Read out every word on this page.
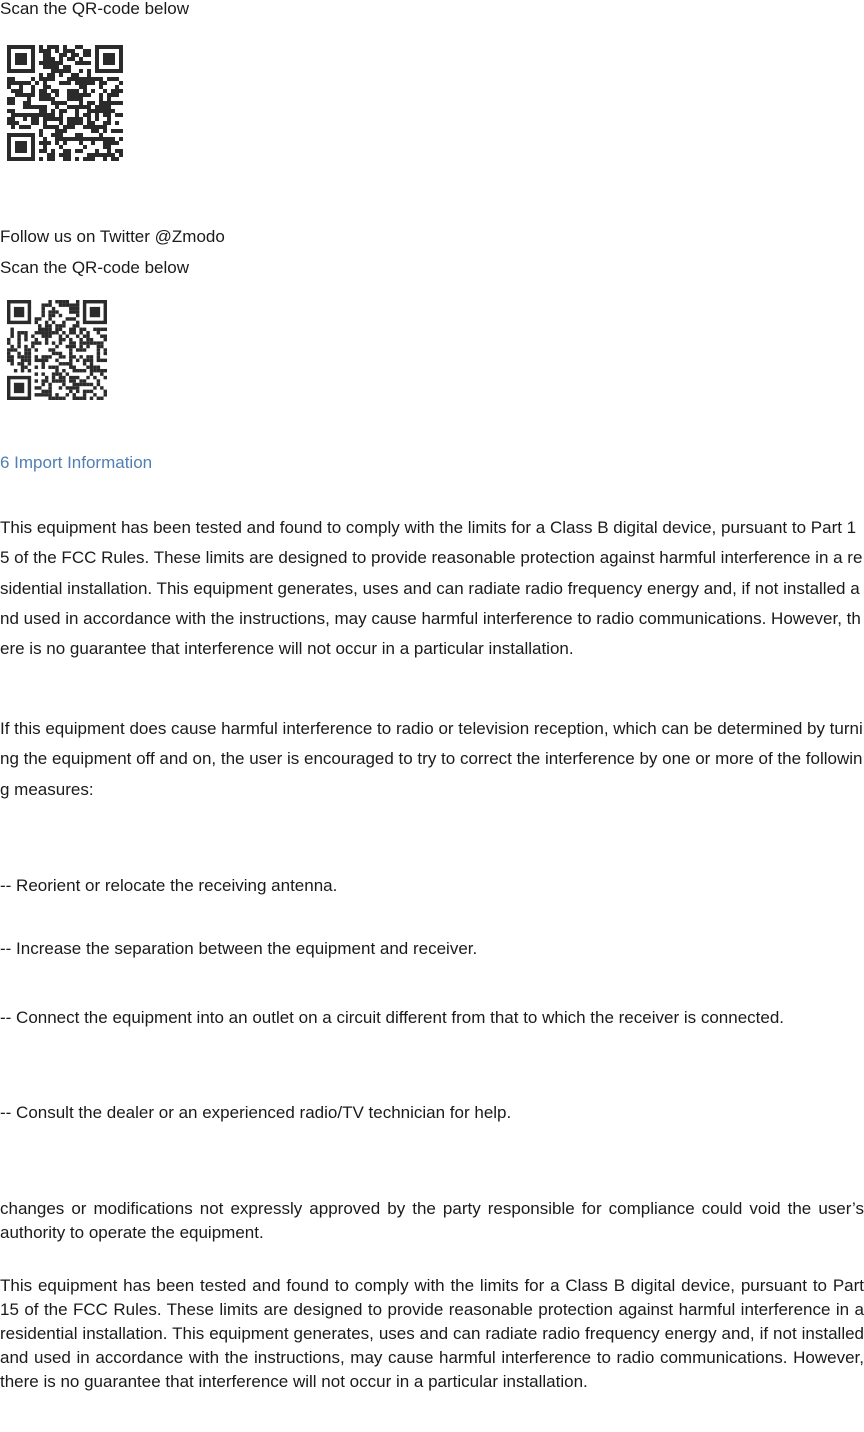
Scan the QR-code below

Follow us on Twitter @Zmodo

Scan the QR-code below

6 Import Information

This equipment has been tested and found to comply with the limits for a Class B digital device, pursuant to Part 15 of the FCC Rules. These limits are designed to provide reasonable protection against harmful interference in a residential installation. This equipment generates, uses and can radiate radio frequency energy and, if not installed and used in accordance with the instructions, may cause harmful interference to radio communications. However, there is no guarantee that interference will not occur in a particular installation.

If this equipment does cause harmful interference to radio or television reception, which can be determined by turning the equipment off and on, the user is encouraged to try to correct the interference by one or more of the following measures:

-- Reorient or relocate the receiving antenna.

-- Increase the separation between the equipment and receiver.

-- Connect the equipment into an outlet on a circuit different from that to which the receiver is connected.

-- Consult the dealer or an experienced radio/TV technician for help.

changes or modifications not expressly approved by the party responsible for compliance could void the user’s authority to operate the equipment.

This equipment has been tested and found to comply with the limits for a Class B digital device, pursuant to Part 15 of the FCC Rules. These limits are designed to provide reasonable protection against harmful interference in a residential installation. This equipment generates, uses and can radiate radio frequency energy and, if not installed and used in accordance with the instructions, may cause harmful interference to radio communications. However, there is no guarantee that interference will not occur in a particular installation.
